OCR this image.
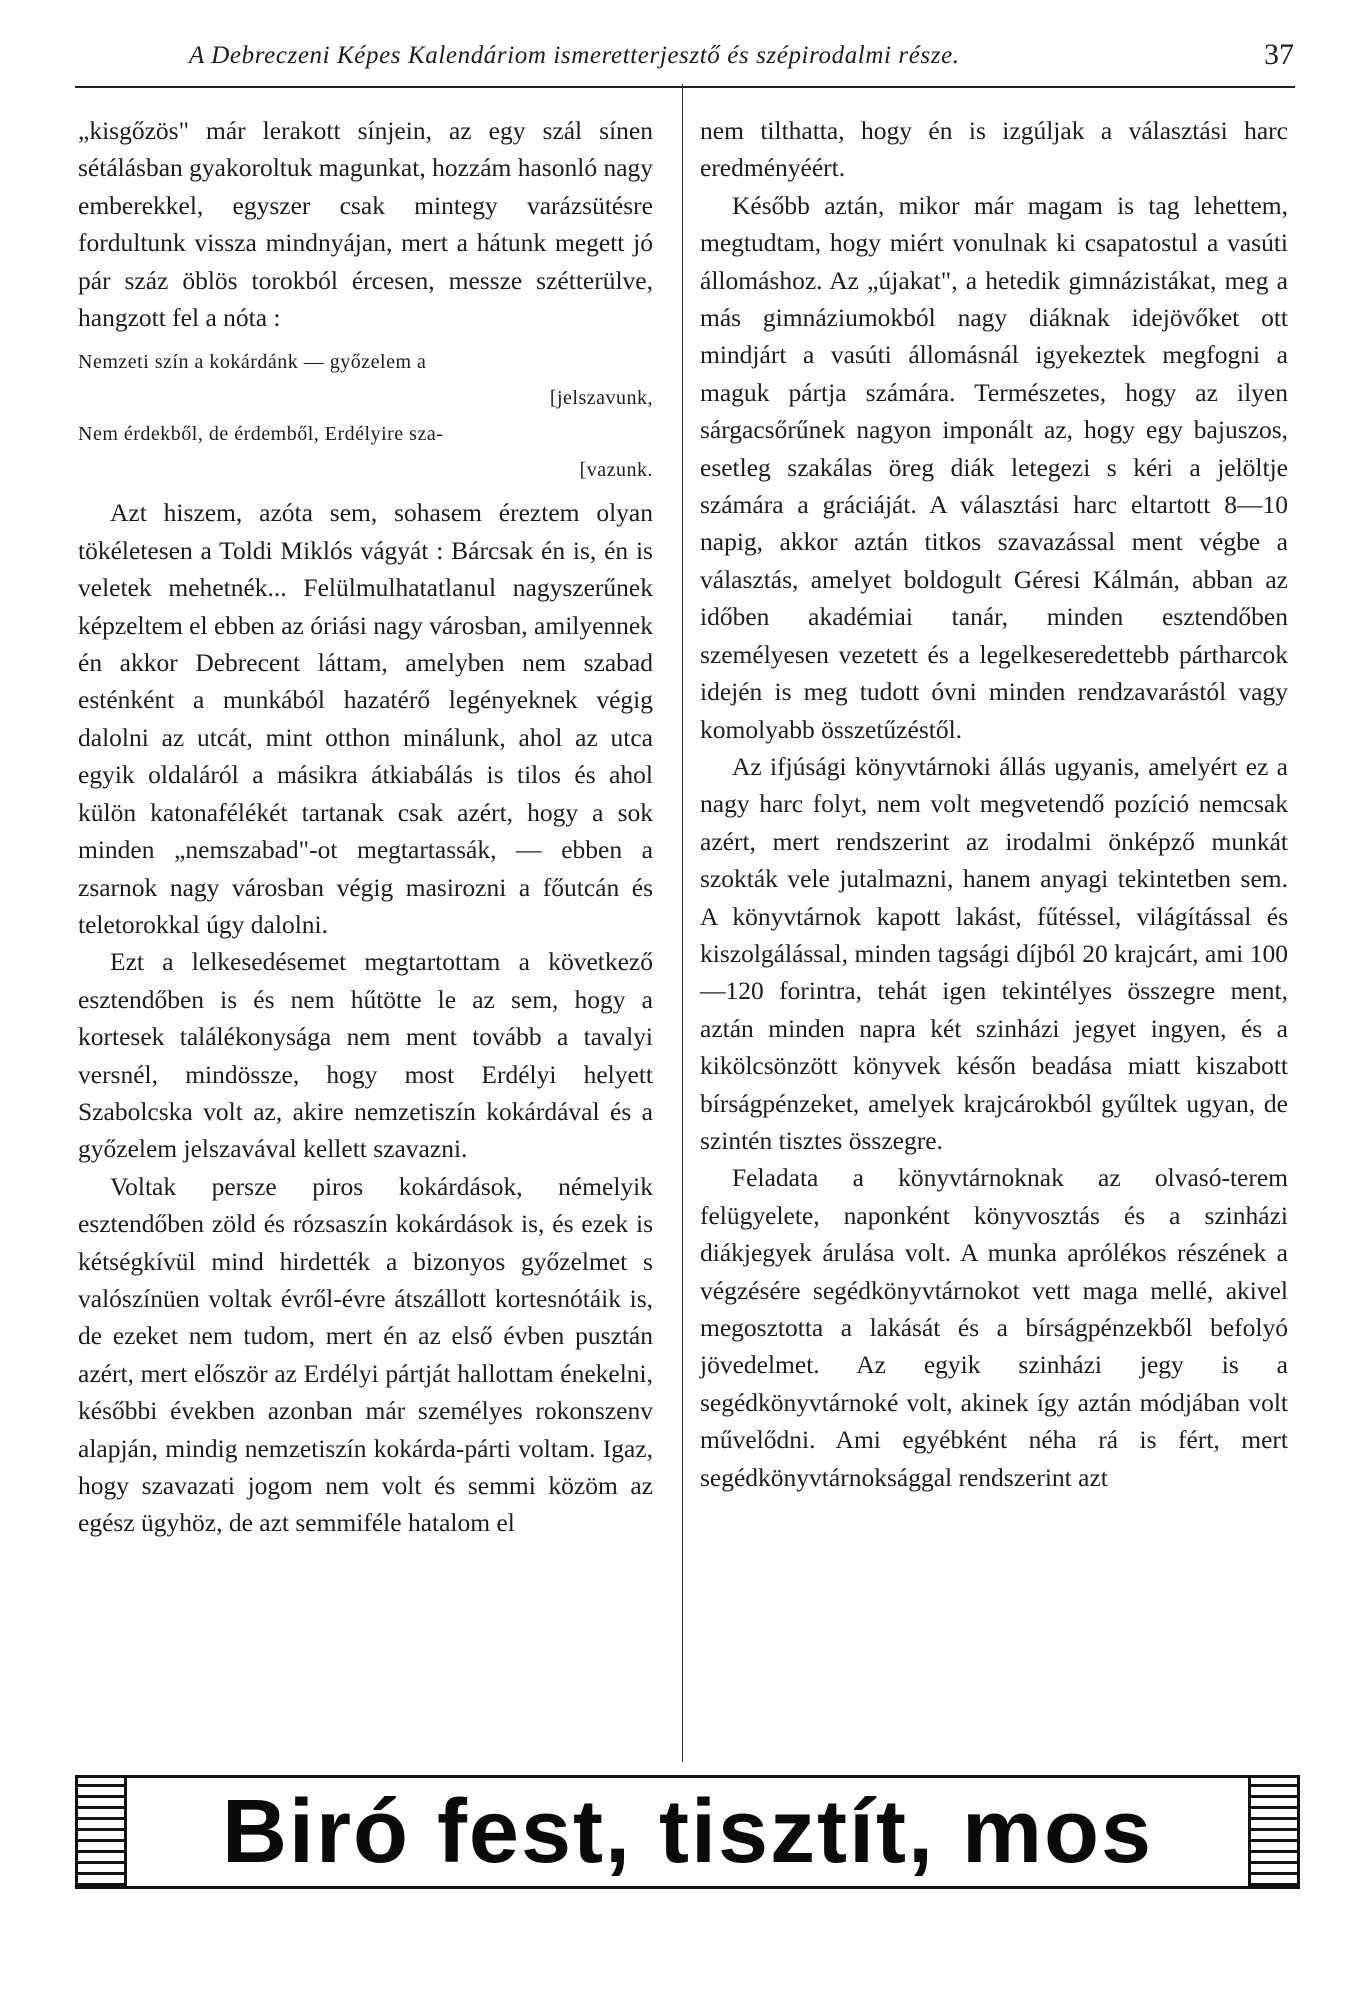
A Debreczeni Képes Kalendáriom ismeretterjesztő és szépirodalmi része.	37

„kisgőzös" már lerakott sínjein, az egy szál sínen sétálásban gyakoroltuk magunkat, hozzám hasonló nagy emberekkel, egyszer csak mintegy varázsütésre fordultunk vissza mindnyájan, mert a hátunk megett jó pár száz öblös torokból ércesen, messze szétterülve, hangzott fel a nóta :

Nemzeti szín a kokárdánk — győzelem a
[jelszavunk,
Nem érdekből, de érdemből, Erdélyire sza-
[vazunk.

Azt hiszem, azóta sem, sohasem éreztem olyan tökéletesen a Toldi Miklós vágyát : Bárcsak én is, én is veletek mehetnék... Felülmulhatatlanul nagyszerűnek képzeltem el ebben az óriási nagy városban, amilyennek én akkor Debrecent láttam, amelyben nem szabad esténként a munkából hazatérő legényeknek végig dalolni az utcát, mint otthon minálunk, ahol az utca egyik oldaláról a másikra átkiabálás is tilos és ahol külön katonafélékét tartanak csak azért, hogy a sok minden „nemszabad"-ot megtartassák, — ebben a zsarnok nagy városban végig masirozni a főutcán és teletorokkal úgy dalolni.

Ezt a lelkesedésemet megtartottam a következő esztendőben is és nem hűtötte le az sem, hogy a kortesek találékonysága nem ment tovább a tavalyi versnél, mindössze, hogy most Erdélyi helyett Szabolcska volt az, akire nemzetiszín kokárdával és a győzelem jelszavával kellett szavazni.

Voltak persze piros kokárdások, némelyik esztendőben zöld és rózsaszín kokárdások is, és ezek is kétségkívül mind hirdették a bizonyos győzelmet s valószínüen voltak évről-évre átszállott kortesnótáik is, de ezeket nem tudom, mert én az első évben pusztán azért, mert először az Erdélyi pártját hallottam énekelni, későbbi években azonban már személyes rokonszenv alapján, mindig nemzetiszín kokárda-párti voltam. Igaz, hogy szavazati jogom nem volt és semmi közöm az egész ügyhöz, de azt semmiféle hatalom el

nem tilthatta, hogy én is izgúljak a választási harc eredményéért.

Később aztán, mikor már magam is tag lehettem, megtudtam, hogy miért vonulnak ki csapatostul a vasúti állomáshoz. Az „újakat", a hetedik gimnázistákat, meg a más gimnáziumokból nagy diáknak idejövőket ott mindjárt a vasúti állomásnál igyekeztek megfogni a maguk pártja számára. Természetes, hogy az ilyen sárgacsőrűnek nagyon imponált az, hogy egy bajuszos, esetleg szakálas öreg diák letegezi s kéri a jelöltje számára a gráciáját. A választási harc eltartott 8—10 napig, akkor aztán titkos szavazással ment végbe a választás, amelyet boldogult Géresi Kálmán, abban az időben akadémiai tanár, minden esztendőben személyesen vezetett és a legelkeseredettebb pártharcok idején is meg tudott óvni minden rendzavarástól vagy komolyabb összetűzéstől.

Az ifjúsági könyvtárnoki állás ugyanis, amelyért ez a nagy harc folyt, nem volt megvetendő pozíció nemcsak azért, mert rendszerint az irodalmi önképző munkát szokták vele jutalmazni, hanem anyagi tekintetben sem. A könyvtárnok kapott lakást, fűtéssel, világítással és kiszolgálással, minden tagsági díjból 20 krajcárt, ami 100—120 forintra, tehát igen tekintélyes összegre ment, aztán minden napra két szinházi jegyet ingyen, és a kikölcsönzött könyvek későn beadása miatt kiszabott bírságpénzeket, amelyek krajcárokból gyűltek ugyan, de szintén tisztes összegre.

Feladata a könyvtárnoknak az olvasó-terem felügyelete, naponként könyvosztás és a szinházi diákjegyek árulása volt. A munka aprólékos részének a végzésére segédkönyvtárnokot vett maga mellé, akivel megosztotta a lakását és a bírságpénzekből befolyó jövedelmet. Az egyik szinházi jegy is a segédkönyvtárnoké volt, akinek így aztán módjában volt művelődni. Ami egyébként néha rá is fért, mert segédkönyvtárnoksággal rendszerint azt

Biró fest, tisztít, mos
